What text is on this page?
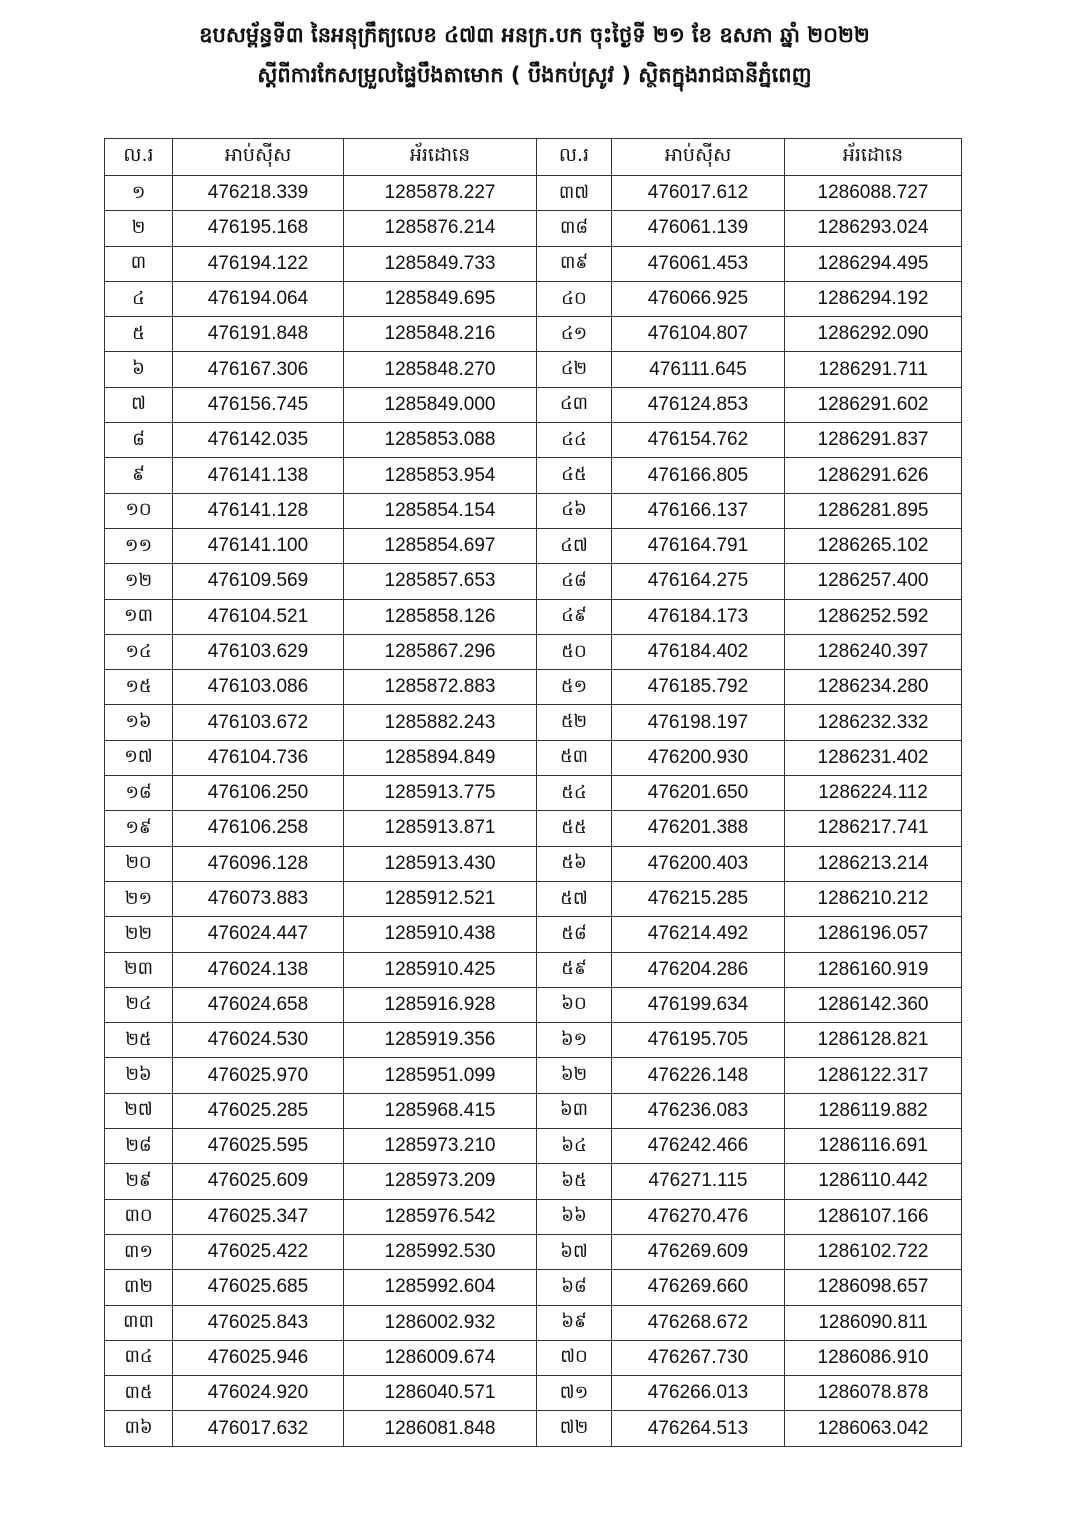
ឧបសម្ព័ន្ធទី៣ នៃអនុក្រឹត្យលេខ ៤៧៣ អនក្រ.បក ចុះថ្ងៃទី ២១ ខែ ឧសភា ឆ្នាំ ២០២២
ស្ដីពីការកែសម្រួលផ្ទៃបឹងតាមោក ( បឹងកប់ស្រូវ ) ស្ថិតក្នុងរាជធានីភ្នំពេញ
ល.រ	អាប់ស៊ីស	អ័រដោនេ	ល.រ	អាប់ស៊ីស	អ័រដោនេ
១	476218.339	1285878.227	៣៧	476017.612	1286088.727
២	476195.168	1285876.214	៣៨	476061.139	1286293.024
៣	476194.122	1285849.733	៣៩	476061.453	1286294.495
៤	476194.064	1285849.695	៤០	476066.925	1286294.192
៥	476191.848	1285848.216	៤១	476104.807	1286292.090
៦	476167.306	1285848.270	៤២	476111.645	1286291.711
៧	476156.745	1285849.000	៤៣	476124.853	1286291.602
៨	476142.035	1285853.088	៤៤	476154.762	1286291.837
៩	476141.138	1285853.954	៤៥	476166.805	1286291.626
១០	476141.128	1285854.154	៤៦	476166.137	1286281.895
១១	476141.100	1285854.697	៤៧	476164.791	1286265.102
១២	476109.569	1285857.653	៤៨	476164.275	1286257.400
១៣	476104.521	1285858.126	៤៩	476184.173	1286252.592
១៤	476103.629	1285867.296	៥០	476184.402	1286240.397
១៥	476103.086	1285872.883	៥១	476185.792	1286234.280
១៦	476103.672	1285882.243	៥២	476198.197	1286232.332
១៧	476104.736	1285894.849	៥៣	476200.930	1286231.402
១៨	476106.250	1285913.775	៥៤	476201.650	1286224.112
១៩	476106.258	1285913.871	៥៥	476201.388	1286217.741
២០	476096.128	1285913.430	៥៦	476200.403	1286213.214
២១	476073.883	1285912.521	៥៧	476215.285	1286210.212
២២	476024.447	1285910.438	៥៨	476214.492	1286196.057
២៣	476024.138	1285910.425	៥៩	476204.286	1286160.919
២៤	476024.658	1285916.928	៦០	476199.634	1286142.360
២៥	476024.530	1285919.356	៦១	476195.705	1286128.821
២៦	476025.970	1285951.099	៦២	476226.148	1286122.317
២៧	476025.285	1285968.415	៦៣	476236.083	1286119.882
២៨	476025.595	1285973.210	៦៤	476242.466	1286116.691
២៩	476025.609	1285973.209	៦៥	476271.115	1286110.442
៣០	476025.347	1285976.542	៦៦	476270.476	1286107.166
៣១	476025.422	1285992.530	៦៧	476269.609	1286102.722
៣២	476025.685	1285992.604	៦៨	476269.660	1286098.657
៣៣	476025.843	1286002.932	៦៩	476268.672	1286090.811
៣៤	476025.946	1286009.674	៧០	476267.730	1286086.910
៣៥	476024.920	1286040.571	៧១	476266.013	1286078.878
៣៦	476017.632	1286081.848	៧២	476264.513	1286063.042
